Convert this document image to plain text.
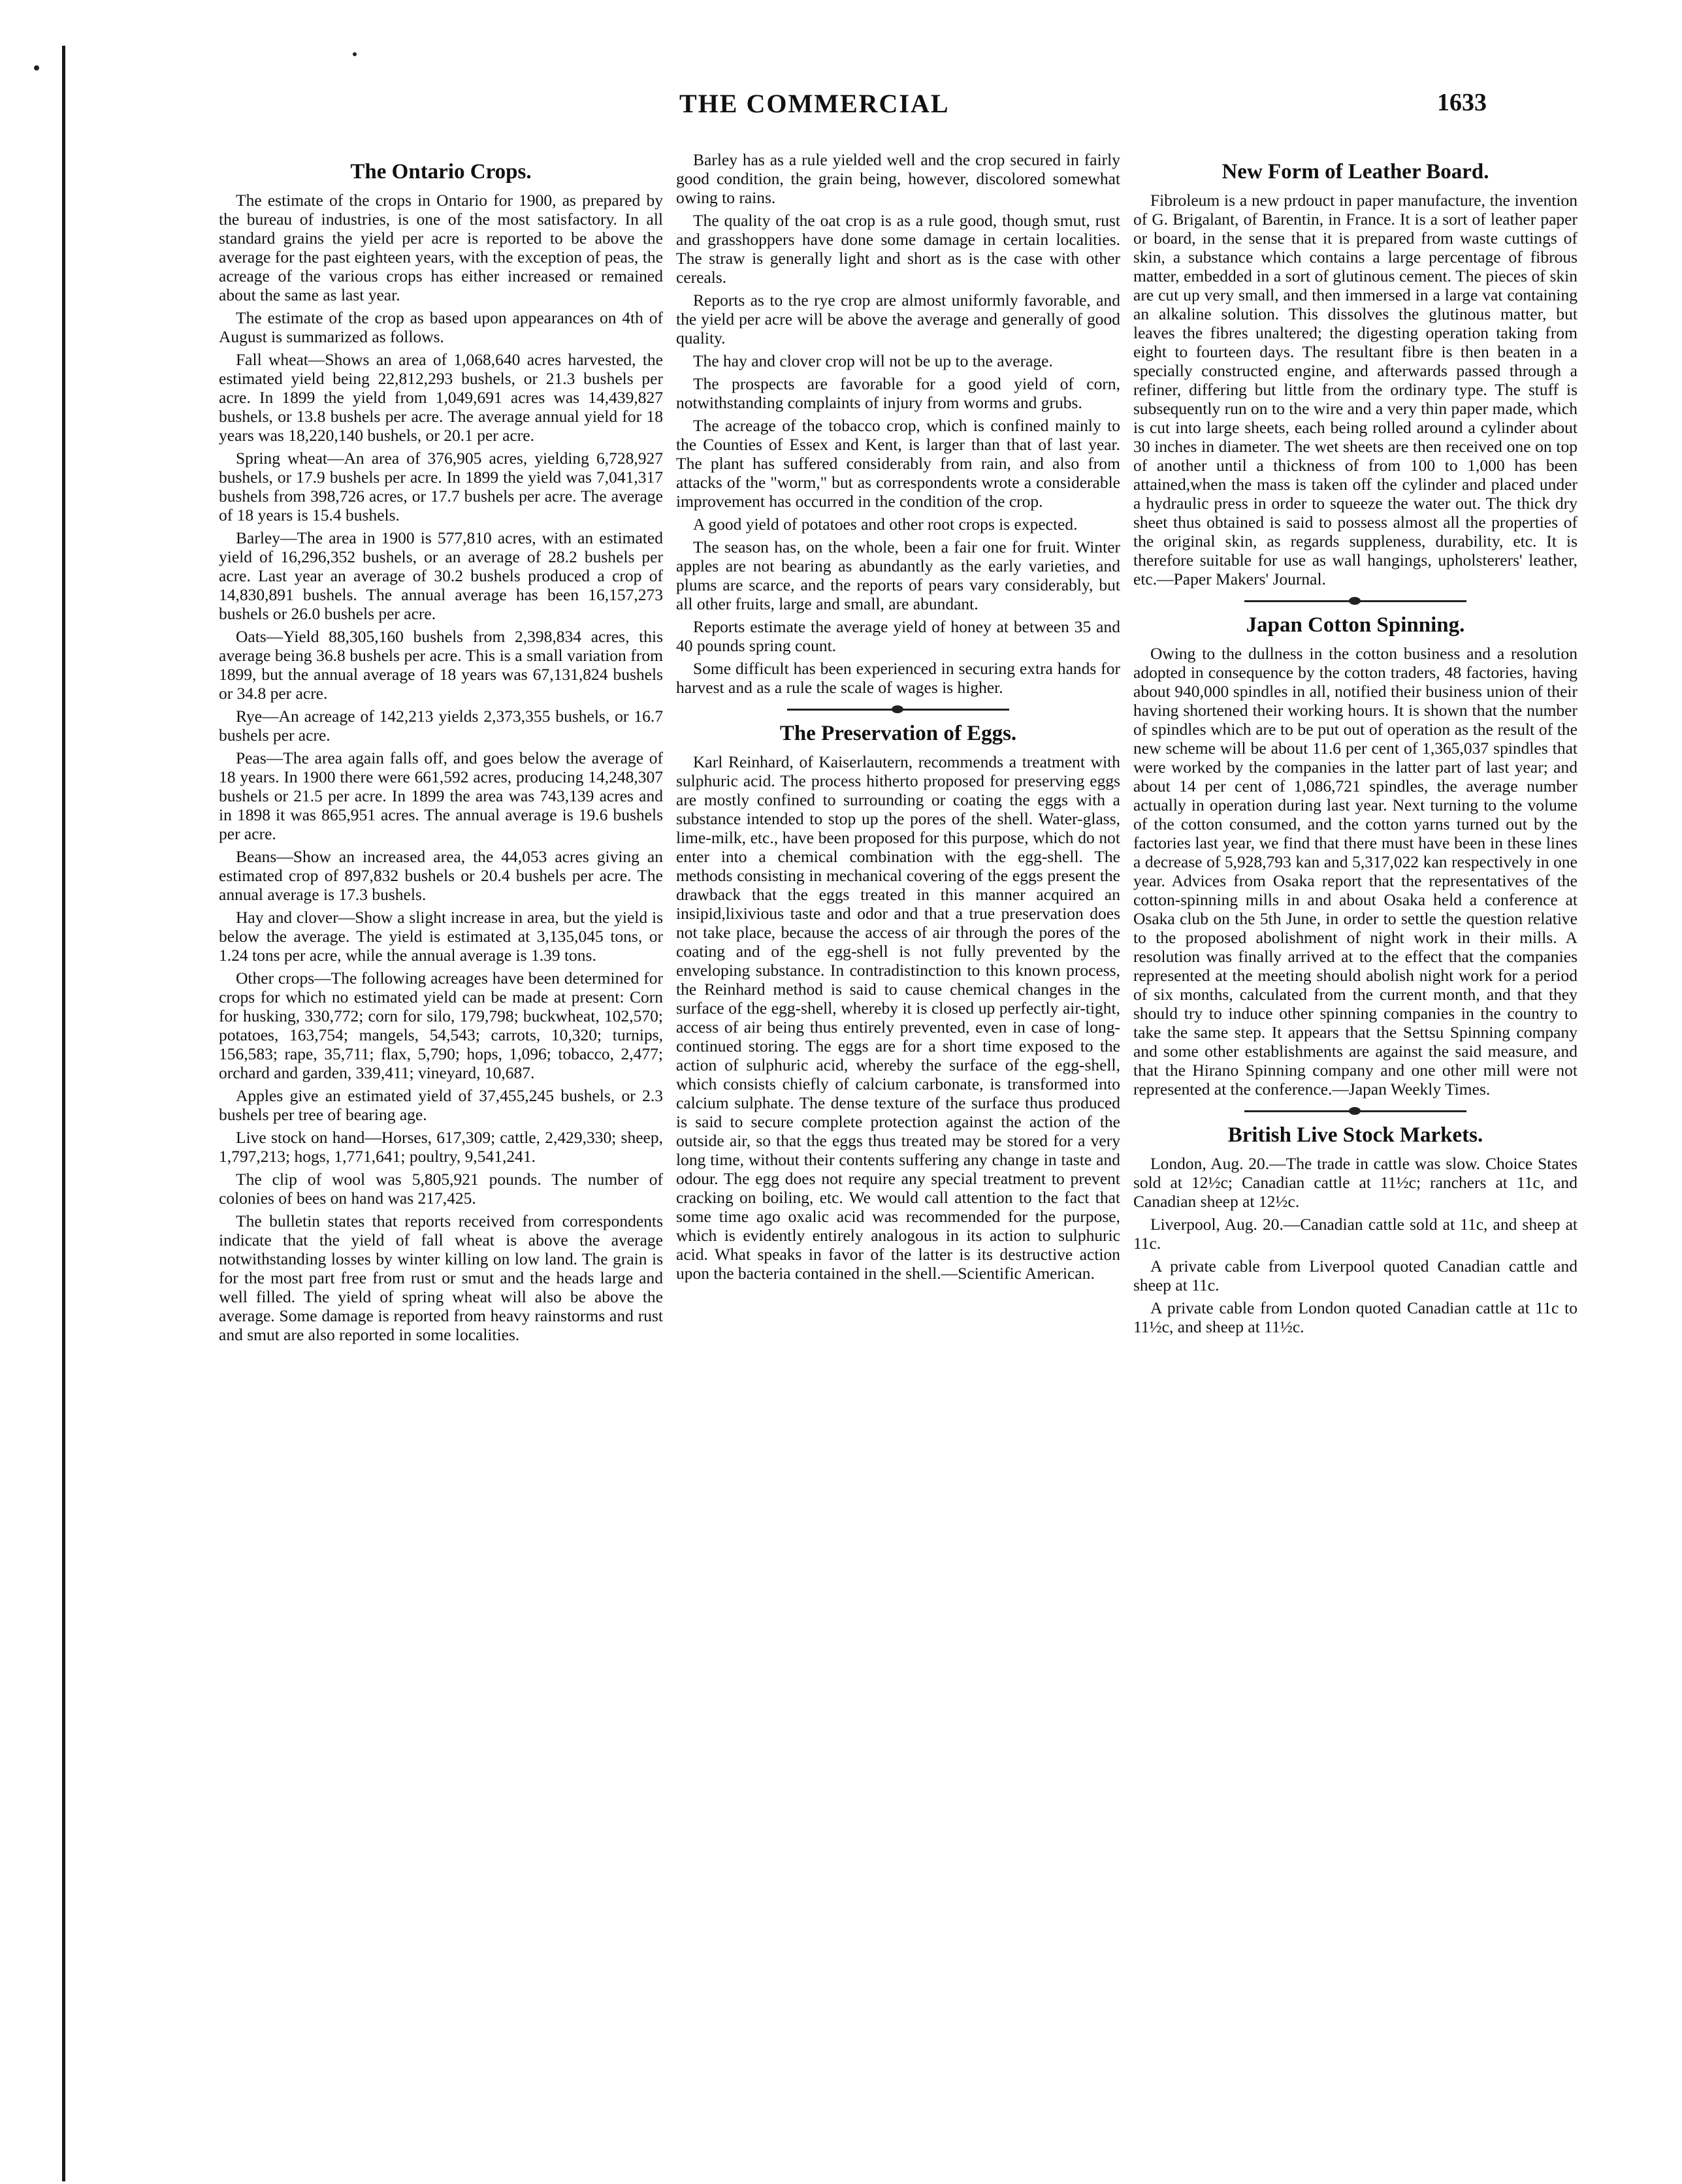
THE COMMERCIAL	1633
The Ontario Crops.

The estimate of the crops in Ontario for 1900, as prepared by the bureau of industries, is one of the most satisfactory. In all standard grains the yield per acre is reported to be above the average for the past eighteen years, with the exception of peas, the acreage of the various crops has either increased or remained about the same as last year.

The estimate of the crop as based upon appearances on 4th of August is summarized as follows.

Fall wheat—Shows an area of 1,068,640 acres harvested, the estimated yield being 22,812,293 bushels, or 21.3 bushels per acre. In 1899 the yield from 1,049,691 acres was 14,439,827 bushels, or 13.8 bushels per acre. The average annual yield for 18 years was 18,220,140 bushels, or 20.1 per acre.

Spring wheat—An area of 376,905 acres, yielding 6,728,927 bushels, or 17.9 bushels per acre. In 1899 the yield was 7,041,317 bushels from 398,726 acres, or 17.7 bushels per acre. The average of 18 years is 15.4 bushels.

Barley—The area in 1900 is 577,810 acres, with an estimated yield of 16,296,352 bushels, or an average of 28.2 bushels per acre. Last year an average of 30.2 bushels produced a crop of 14,830,891 bushels. The annual average has been 16,157,273 bushels or 26.0 bushels per acre.

Oats—Yield 88,305,160 bushels from 2,398,834 acres, this average being 36.8 bushels per acre. This is a small variation from 1899, but the annual average of 18 years was 67,131,824 bushels or 34.8 per acre.

Rye—An acreage of 142,213 yields 2,373,355 bushels, or 16.7 bushels per acre.

Peas—The area again falls off, and goes below the average of 18 years. In 1900 there were 661,592 acres, producing 14,248,307 bushels or 21.5 per acre. In 1899 the area was 743,139 acres and in 1898 it was 865,951 acres. The annual average is 19.6 bushels per acre.

Beans—Show an increased area, the 44,053 acres giving an estimated crop of 897,832 bushels or 20.4 bushels per acre. The annual average is 17.3 bushels.

Hay and clover—Show a slight increase in area, but the yield is below the average. The yield is estimated at 3,135,045 tons, or 1.24 tons per acre, while the annual average is 1.39 tons.

Other crops—The following acreages have been determined for crops for which no estimated yield can be made at present: Corn for husking, 330,772; corn for silo, 179,798; buckwheat, 102,570; potatoes, 163,754; mangels, 54,543; carrots, 10,320; turnips, 156,583; rape, 35,711; flax, 5,790; hops, 1,096; tobacco, 2,477; orchard and garden, 339,411; vineyard, 10,687.

Apples give an estimated yield of 37,455,245 bushels, or 2.3 bushels per tree of bearing age.

Live stock on hand—Horses, 617,309; cattle, 2,429,330; sheep, 1,797,213; hogs, 1,771,641; poultry, 9,541,241.

The clip of wool was 5,805,921 pounds. The number of colonies of bees on hand was 217,425.

The bulletin states that reports received from correspondents indicate that the yield of fall wheat is above the average notwithstanding losses by winter killing on low land. The grain is for the most part free from rust or smut and the heads large and well filled. The yield of spring wheat will also be above the average. Some damage is reported from heavy rainstorms and rust and smut are also reported in some localities.

Barley has as a rule yielded well and the crop secured in fairly good condition, the grain being, however, discolored somewhat owing to rains.

The quality of the oat crop is as a rule good, though smut, rust and grasshoppers have done some damage in certain localities. The straw is generally light and short as is the case with other cereals.

Reports as to the rye crop are almost uniformly favorable, and the yield per acre will be above the average and generally of good quality.

The hay and clover crop will not be up to the average.

The prospects are favorable for a good yield of corn, notwithstanding complaints of injury from worms and grubs.

The acreage of the tobacco crop, which is confined mainly to the Counties of Essex and Kent, is larger than that of last year. The plant has suffered considerably from rain, and also from attacks of the "worm," but as correspondents wrote a considerable improvement has occurred in the condition of the crop.

A good yield of potatoes and other root crops is expected.

The season has, on the whole, been a fair one for fruit. Winter apples are not bearing as abundantly as the early varieties, and plums are scarce, and the reports of pears vary considerably, but all other fruits, large and small, are abundant.

Reports estimate the average yield of honey at between 35 and 40 pounds spring count.

Some difficult has been experienced in securing extra hands for harvest and as a rule the scale of wages is higher.

The Preservation of Eggs.

Karl Reinhard, of Kaiserlautern, recommends a treatment with sulphuric acid. The process hitherto proposed for preserving eggs are mostly confined to surrounding or coating the eggs with a substance intended to stop up the pores of the shell. Water-glass, lime-milk, etc., have been proposed for this purpose, which do not enter into a chemical combination with the egg-shell. The methods consisting in mechanical covering of the eggs present the drawback that the eggs treated in this manner acquired an insipid,lixivious taste and odor and that a true preservation does not take place, because the access of air through the pores of the coating and of the egg-shell is not fully prevented by the enveloping substance. In contradistinction to this known process, the Reinhard method is said to cause chemical changes in the surface of the egg-shell, whereby it is closed up perfectly air-tight, access of air being thus entirely prevented, even in case of long-continued storing. The eggs are for a short time exposed to the action of sulphuric acid, whereby the surface of the egg-shell, which consists chiefly of calcium carbonate, is transformed into calcium sulphate. The dense texture of the surface thus produced is said to secure complete protection against the action of the outside air, so that the eggs thus treated may be stored for a very long time, without their contents suffering any change in taste and odour. The egg does not require any special treatment to prevent cracking on boiling, etc. We would call attention to the fact that some time ago oxalic acid was recommended for the purpose, which is evidently entirely analogous in its action to sulphuric acid. What speaks in favor of the latter is its destructive action upon the bacteria contained in the shell.—Scientific American.

New Form of Leather Board.

Fibroleum is a new prdouct in paper manufacture, the invention of G. Brigalant, of Barentin, in France. It is a sort of leather paper or board, in the sense that it is prepared from waste cuttings of skin, a substance which contains a large percentage of fibrous matter, embedded in a sort of glutinous cement. The pieces of skin are cut up very small, and then immersed in a large vat containing an alkaline solution. This dissolves the glutinous matter, but leaves the fibres unaltered; the digesting operation taking from eight to fourteen days. The resultant fibre is then beaten in a specially constructed engine, and afterwards passed through a refiner, differing but little from the ordinary type. The stuff is subsequently run on to the wire and a very thin paper made, which is cut into large sheets, each being rolled around a cylinder about 30 inches in diameter. The wet sheets are then received one on top of another until a thickness of from 100 to 1,000 has been attained,when the mass is taken off the cylinder and placed under a hydraulic press in order to squeeze the water out. The thick dry sheet thus obtained is said to possess almost all the properties of the original skin, as regards suppleness, durability, etc. It is therefore suitable for use as wall hangings, upholsterers' leather, etc.—Paper Makers' Journal.

Japan Cotton Spinning.

Owing to the dullness in the cotton business and a resolution adopted in consequence by the cotton traders, 48 factories, having about 940,000 spindles in all, notified their business union of their having shortened their working hours. It is shown that the number of spindles which are to be put out of operation as the result of the new scheme will be about 11.6 per cent of 1,365,037 spindles that were worked by the companies in the latter part of last year; and about 14 per cent of 1,086,721 spindles, the average number actually in operation during last year. Next turning to the volume of the cotton consumed, and the cotton yarns turned out by the factories last year, we find that there must have been in these lines a decrease of 5,928,793 kan and 5,317,022 kan respectively in one year. Advices from Osaka report that the representatives of the cotton-spinning mills in and about Osaka held a conference at Osaka club on the 5th June, in order to settle the question relative to the proposed abolishment of night work in their mills. A resolution was finally arrived at to the effect that the companies represented at the meeting should abolish night work for a period of six months, calculated from the current month, and that they should try to induce other spinning companies in the country to take the same step. It appears that the Settsu Spinning company and some other establishments are against the said measure, and that the Hirano Spinning company and one other mill were not represented at the conference.—Japan Weekly Times.

British Live Stock Markets.

London, Aug. 20.—The trade in cattle was slow. Choice States sold at 12½c; Canadian cattle at 11½c; ranchers at 11c, and Canadian sheep at 12½c.

Liverpool, Aug. 20.—Canadian cattle sold at 11c, and sheep at 11c.

A private cable from Liverpool quoted Canadian cattle and sheep at 11c.

A private cable from London quoted Canadian cattle at 11c to 11½c, and sheep at 11½c.
